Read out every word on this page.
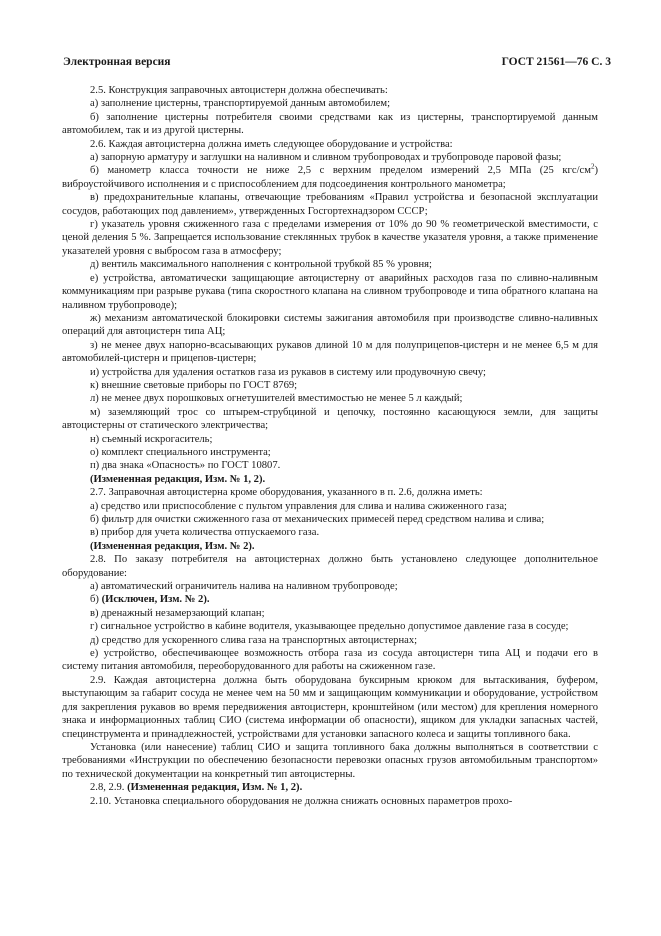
Электронная версия	ГОСТ 21561—76 С. 3

2.5. Конструкция заправочных автоцистерн должна обеспечивать:

а) заполнение цистерны, транспортируемой данным автомобилем;

б) заполнение цистерны потребителя своими средствами как из цистерны, транспортируемой данным автомобилем, так и из другой цистерны.

2.6. Каждая автоцистерна должна иметь следующее оборудование и устройства:

а) запорную арматуру и заглушки на наливном и сливном трубопроводах и трубопроводе паровой фазы;

б) манометр класса точности не ниже 2,5 с верхним пределом измерений 2,5 МПа (25 кгс/$см^2$) виброустойчивого исполнения и с приспособлением для подсоединения контрольного манометра;

в) предохранительные клапаны, отвечающие требованиям «Правил устройства и безопасной эксплуатации сосудов, работающих под давлением», утвержденных Госгортехнадзором СССР;

г) указатель уровня сжиженного газа с пределами измерения от 10% до 90 % геометрической вместимости, с ценой деления 5 %. Запрещается использование стеклянных трубок в качестве указателя уровня, а также применение указателей уровня с выбросом газа в атмосферу;

д) вентиль максимального наполнения с контрольной трубкой 85 % уровня;

е) устройства, автоматически защищающие автоцистерну от аварийных расходов газа по сливно-наливным коммуникациям при разрыве рукава (типа скоростного клапана на сливном трубопроводе и типа обратного клапана на наливном трубопроводе);

ж) механизм автоматической блокировки системы зажигания автомобиля при производстве сливно-наливных операций для автоцистерн типа АЦ;

з) не менее двух напорно-всасывающих рукавов длиной 10 м для полуприцепов-цистерн и не менее 6,5 м для автомобилей-цистерн и прицепов-цистерн;

и) устройства для удаления остатков газа из рукавов в систему или продувочную свечу;

к) внешние световые приборы по ГОСТ 8769;

л) не менее двух порошковых огнетушителей вместимостью не менее 5 л каждый;

м) заземляющий трос со штырем-струбциной и цепочку, постоянно касающуюся земли, для защиты автоцистерны от статического электричества;

н) съемный искрогаситель;

о) комплект специального инструмента;

п) два знака «Опасность» по ГОСТ 10807.

(Измененная редакция, Изм. № 1, 2).

2.7. Заправочная автоцистерна кроме оборудования, указанного в п. 2.6, должна иметь:

а) средство или приспособление с пультом управления для слива и налива сжиженного газа;

б) фильтр для очистки сжиженного газа от механических примесей перед средством налива и слива;

в) прибор для учета количества отпускаемого газа.

(Измененная редакция, Изм. № 2).

2.8. По заказу потребителя на автоцистернах должно быть установлено следующее дополнительное оборудование:

а) автоматический ограничитель налива на наливном трубопроводе;

б) (Исключен, Изм. № 2).

в) дренажный незамерзающий клапан;

г) сигнальное устройство в кабине водителя, указывающее предельно допустимое давление газа в сосуде;

д) средство для ускоренного слива газа на транспортных автоцистернах;

е) устройство, обеспечивающее возможность отбора газа из сосуда автоцистерн типа АЦ и подачи его в систему питания автомобиля, переоборудованного для работы на сжиженном газе.

2.9. Каждая автоцистерна должна быть оборудована буксирным крюком для вытаскивания, буфером, выступающим за габарит сосуда не менее чем на 50 мм и защищающим коммуникации и оборудование, устройством для закрепления рукавов во время передвижения автоцистерн, кронштейном (или местом) для крепления номерного знака и информационных таблиц СИО (система информации об опасности), ящиком для укладки запасных частей, специнструмента и принадлежностей, устройствами для установки запасного колеса и защиты топливного бака.

Установка (или нанесение) таблиц СИО и защита топливного бака должны выполняться в соответствии с требованиями «Инструкции по обеспечению безопасности перевозки опасных грузов автомобильным транспортом» по технической документации на конкретный тип автоцистерны.

2.8, 2.9. (Измененная редакция, Изм. № 1, 2).

2.10. Установка специального оборудования не должна снижать основных параметров прохо-
